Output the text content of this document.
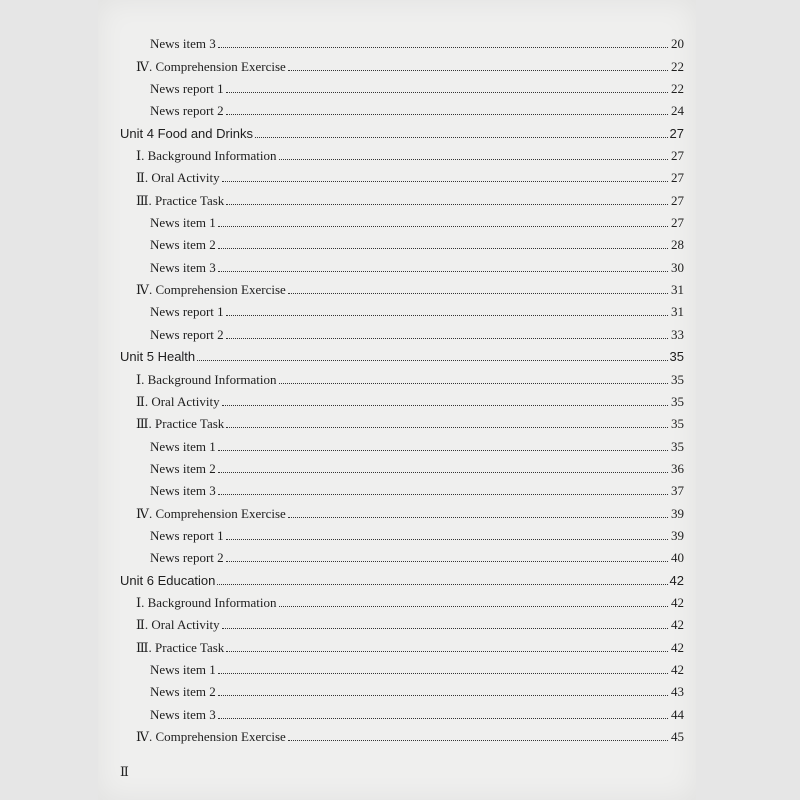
News item 3	20
Ⅳ. Comprehension Exercise	22
News report 1	22
News report 2	24
Unit 4 Food and Drinks	27
Ⅰ. Background Information	27
Ⅱ. Oral Activity	27
Ⅲ. Practice Task	27
News item 1	27
News item 2	28
News item 3	30
Ⅳ. Comprehension Exercise	31
News report 1	31
News report 2	33
Unit 5 Health	35
Ⅰ. Background Information	35
Ⅱ. Oral Activity	35
Ⅲ. Practice Task	35
News item 1	35
News item 2	36
News item 3	37
Ⅳ. Comprehension Exercise	39
News report 1	39
News report 2	40
Unit 6 Education	42
Ⅰ. Background Information	42
Ⅱ. Oral Activity	42
Ⅲ. Practice Task	42
News item 1	42
News item 2	43
News item 3	44
Ⅳ. Comprehension Exercise	45
Ⅱ
